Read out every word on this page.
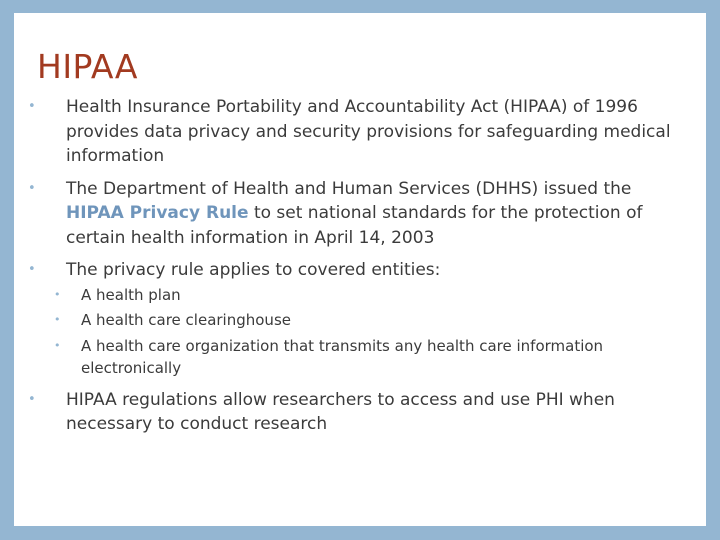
HIPAA
• Health Insurance Portability and Accountability Act (HIPAA) of 1996 provides data privacy and security provisions for safeguarding medical information
• The Department of Health and Human Services (DHHS) issued the HIPAA Privacy Rule to set national standards for the protection of certain health information in April 14, 2003
• The privacy rule applies to covered entities:
• A health plan
• A health care clearinghouse
• A health care organization that transmits any health care information electronically
• HIPAA regulations allow researchers to access and use PHI when necessary to conduct research
